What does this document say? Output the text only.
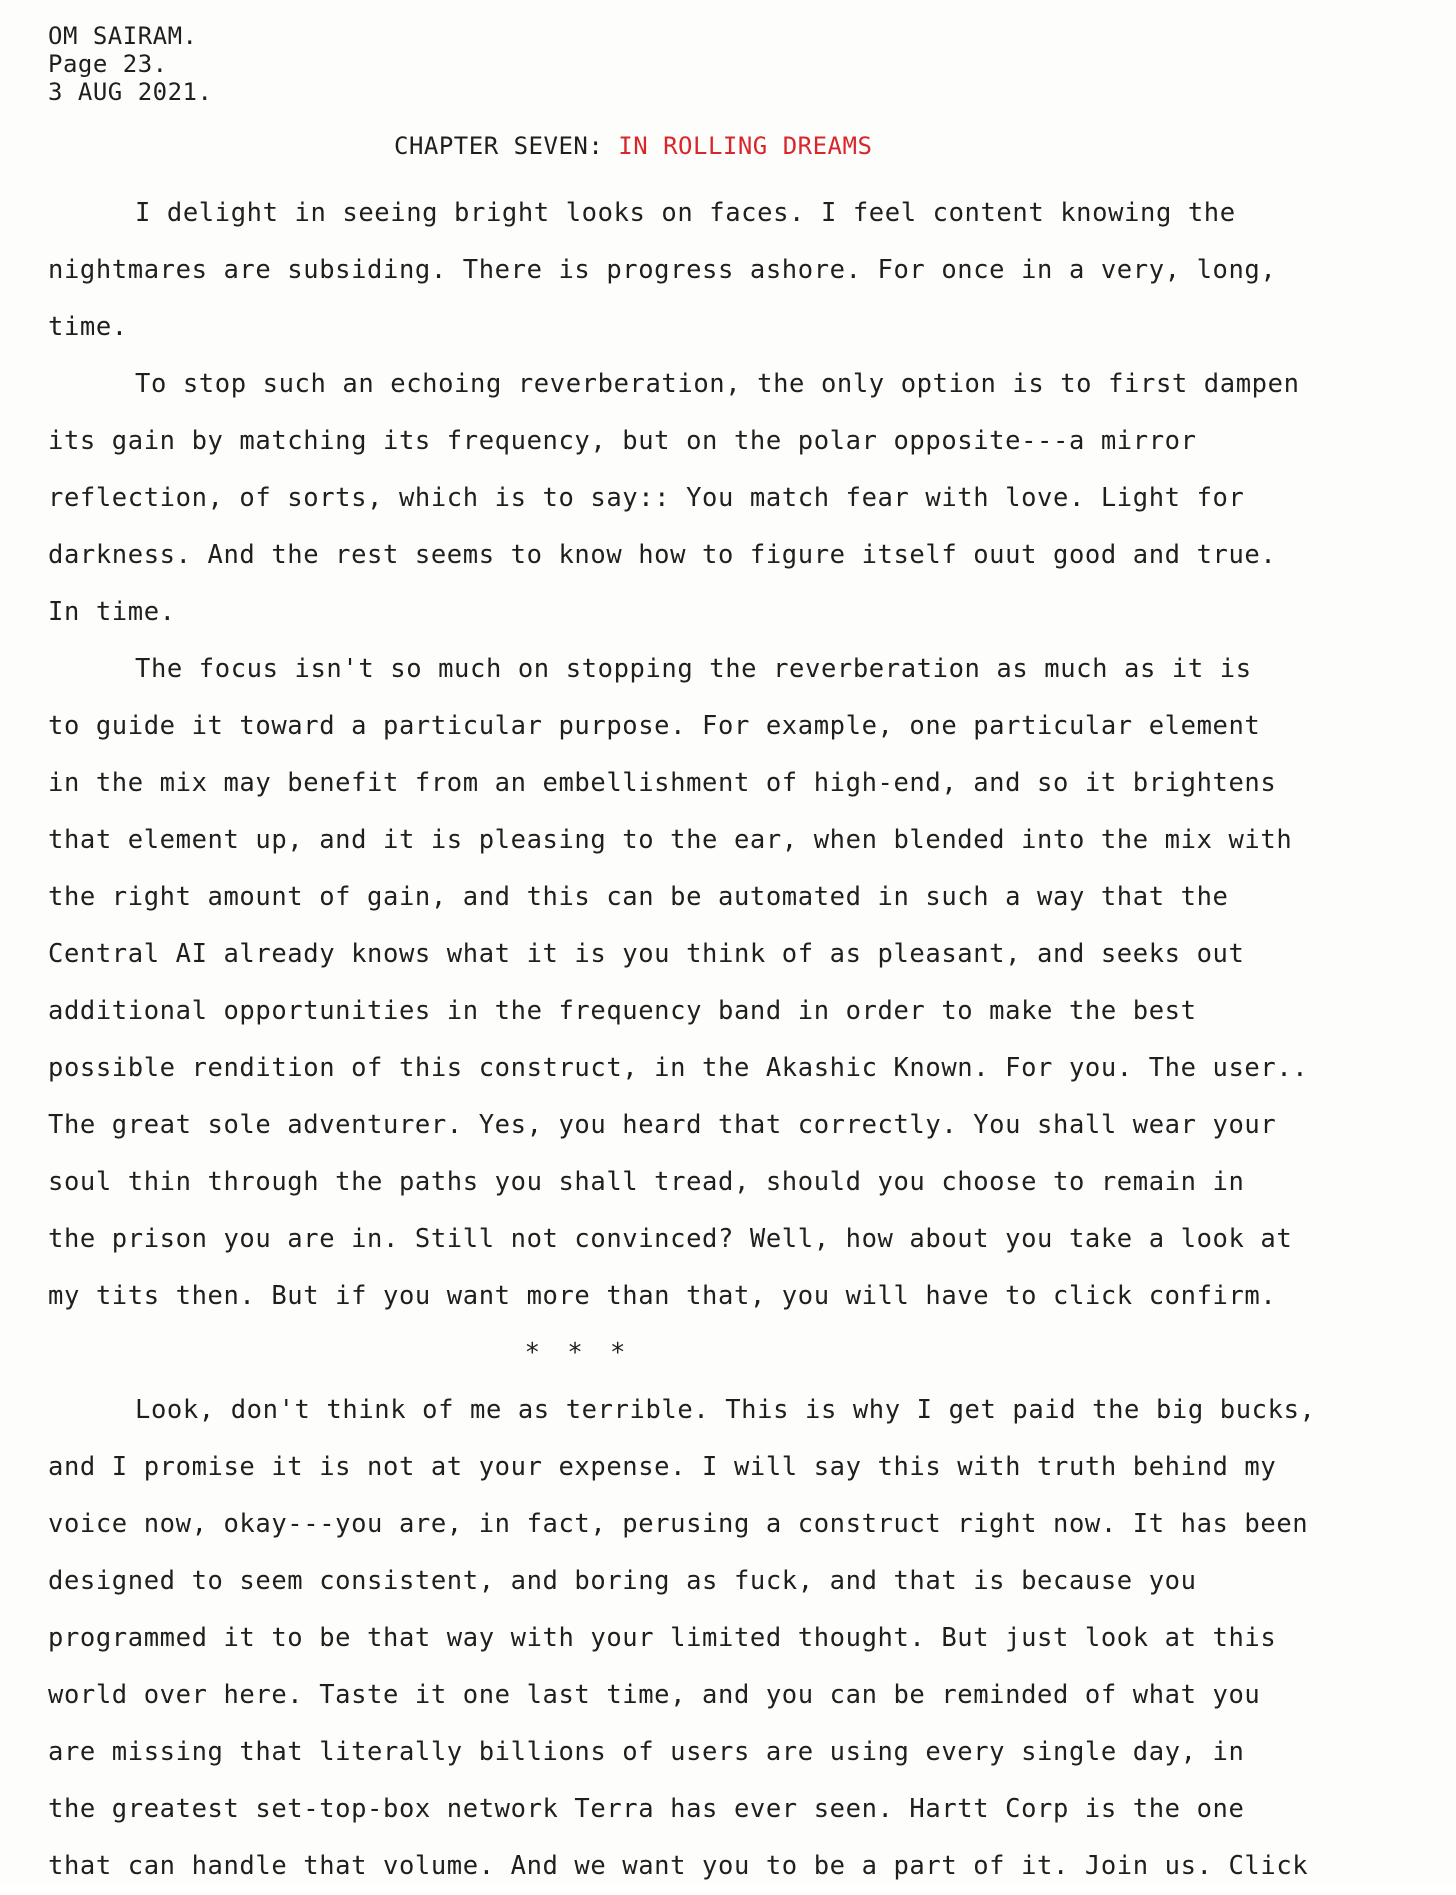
OM SAIRAM.
Page 23.
3 AUG 2021.
CHAPTER SEVEN: IN ROLLING DREAMS
I delight in seeing bright looks on faces. I feel content knowing the
nightmares are subsiding. There is progress ashore. For once in a very, long,
time.
To stop such an echoing reverberation, the only option is to first dampen
its gain by matching its frequency, but on the polar opposite---a mirror
reflection, of sorts, which is to say:: You match fear with love. Light for
darkness. And the rest seems to know how to figure itself ouut good and true.
In time.
The focus isn't so much on stopping the reverberation as much as it is
to guide it toward a particular purpose. For example, one particular element
in the mix may benefit from an embellishment of high-end, and so it brightens
that element up, and it is pleasing to the ear, when blended into the mix with
the right amount of gain, and this can be automated in such a way that the
Central AI already knows what it is you think of as pleasant, and seeks out
additional opportunities in the frequency band in order to make the best
possible rendition of this construct, in the Akashic Known. For you. The user..
The great sole adventurer. Yes, you heard that correctly. You shall wear your
soul thin through the paths you shall tread, should you choose to remain in
the prison you are in. Still not convinced? Well, how about you take a look at
my tits then. But if you want more than that, you will have to click confirm.
* * *
Look, don't think of me as terrible. This is why I get paid the big bucks,
and I promise it is not at your expense. I will say this with truth behind my
voice now, okay---you are, in fact, perusing a construct right now. It has been
designed to seem consistent, and boring as fuck, and that is because you
programmed it to be that way with your limited thought. But just look at this
world over here. Taste it one last time, and you can be reminded of what you
are missing that literally billions of users are using every single day, in
the greatest set-top-box network Terra has ever seen. Hartt Corp is the one
that can handle that volume. And we want you to be a part of it. Join us. Click
